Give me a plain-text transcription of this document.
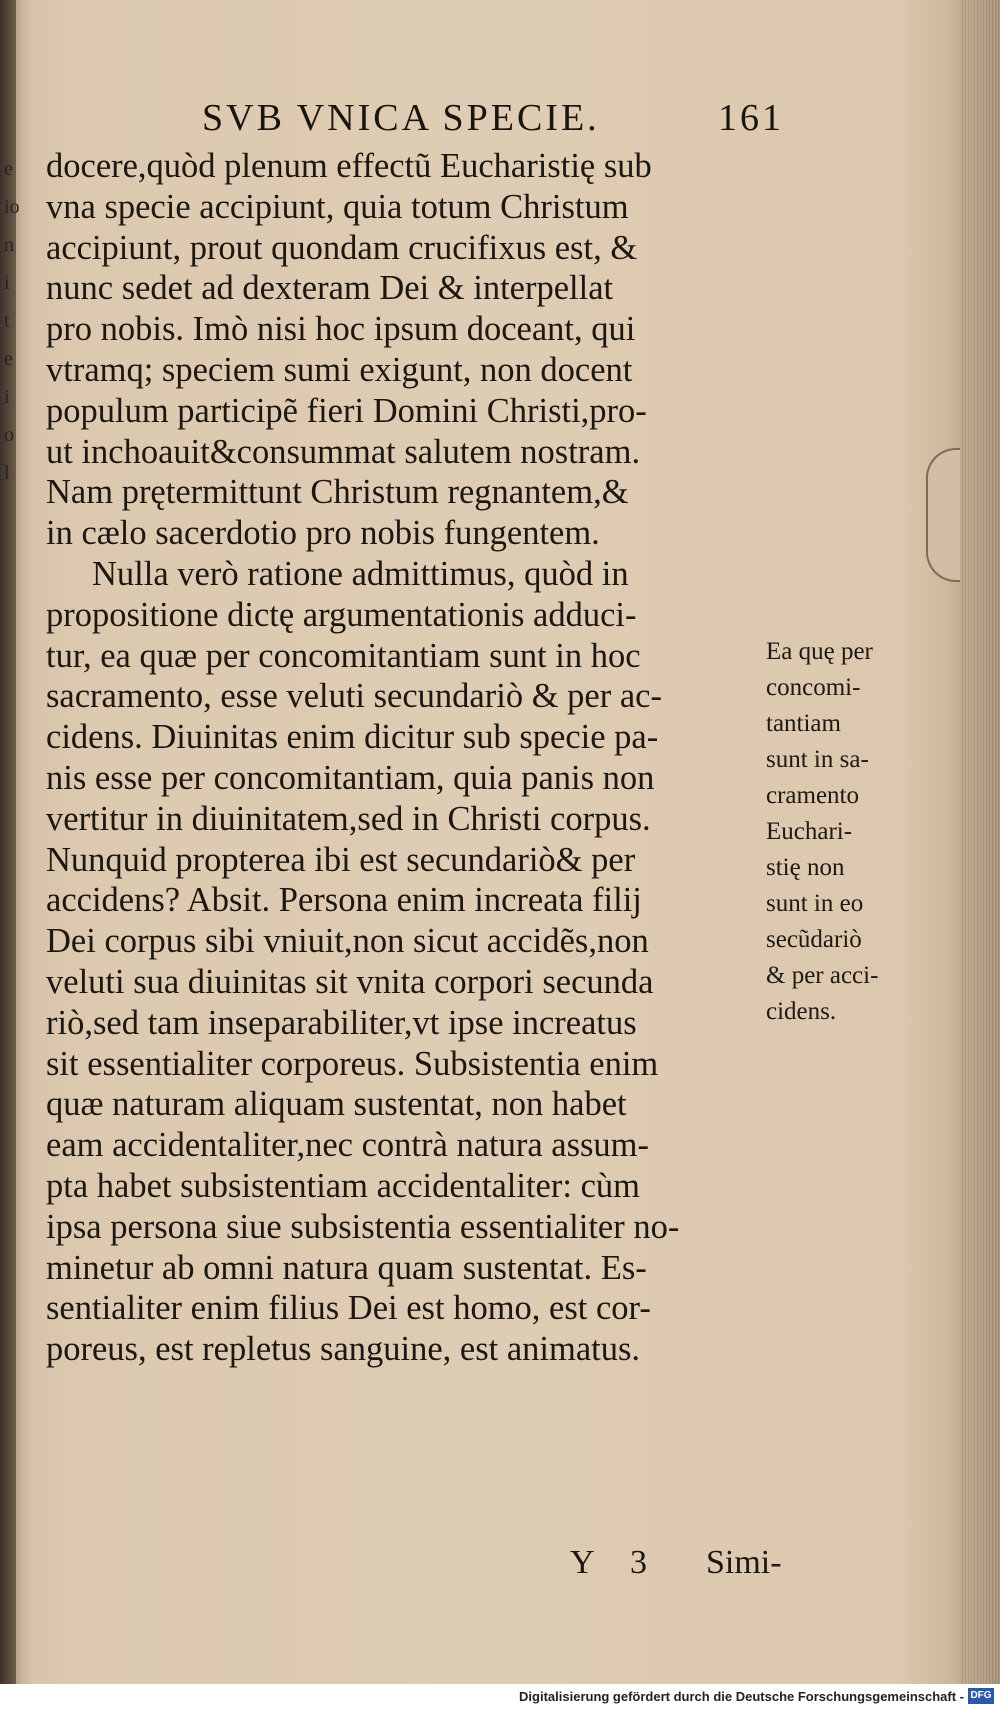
e
io
n
i
t
e
i
o
l
SVB VNICA SPECIE.	161
docere,quòd plenum effectũ Eucharistię sub
vna specie accipiunt, quia totum Christum
accipiunt, prout quondam crucifixus est, &
nunc sedet ad dexteram Dei & interpellat
pro nobis. Imò nisi hoc ipsum doceant, qui
vtramq; speciem sumi exigunt, non docent
populum participẽ fieri Domini Christi,pro-
ut inchoauit&consummat salutem nostram.
Nam prętermittunt Christum regnantem,&
in cælo sacerdotio pro nobis fungentem.
Nulla verò ratione admittimus, quòd in
propositione dictę argumentationis adduci-
tur, ea quæ per concomitantiam sunt in hoc
sacramento, esse veluti secundariò & per ac-
cidens. Diuinitas enim dicitur sub specie pa-
nis esse per concomitantiam, quia panis non
vertitur in diuinitatem,sed in Christi corpus.
Nunquid propterea ibi est secundariò& per
accidens? Absit. Persona enim increata filij
Dei corpus sibi vniuit,non sicut accidẽs,non
veluti sua diuinitas sit vnita corpori secunda
riò,sed tam inseparabiliter,vt ipse increatus
sit essentialiter corporeus. Subsistentia enim
quæ naturam aliquam sustentat, non habet
eam accidentaliter,nec contrà natura assum-
pta habet subsistentiam accidentaliter: cùm
ipsa persona siue subsistentia essentialiter no-
minetur ab omni natura quam sustentat. Es-
sentialiter enim filius Dei est homo, est cor-
poreus, est repletus sanguine, est animatus.
Y 3 Simi-
Ea quę per
concomi-
tantiam
sunt in sa-
cramento
Euchari-
stię non
sunt in eo
secũdariò
& per acci-
cidens.
Digitalisierung gefördert durch die Deutsche Forschungsgemeinschaft - DFG
